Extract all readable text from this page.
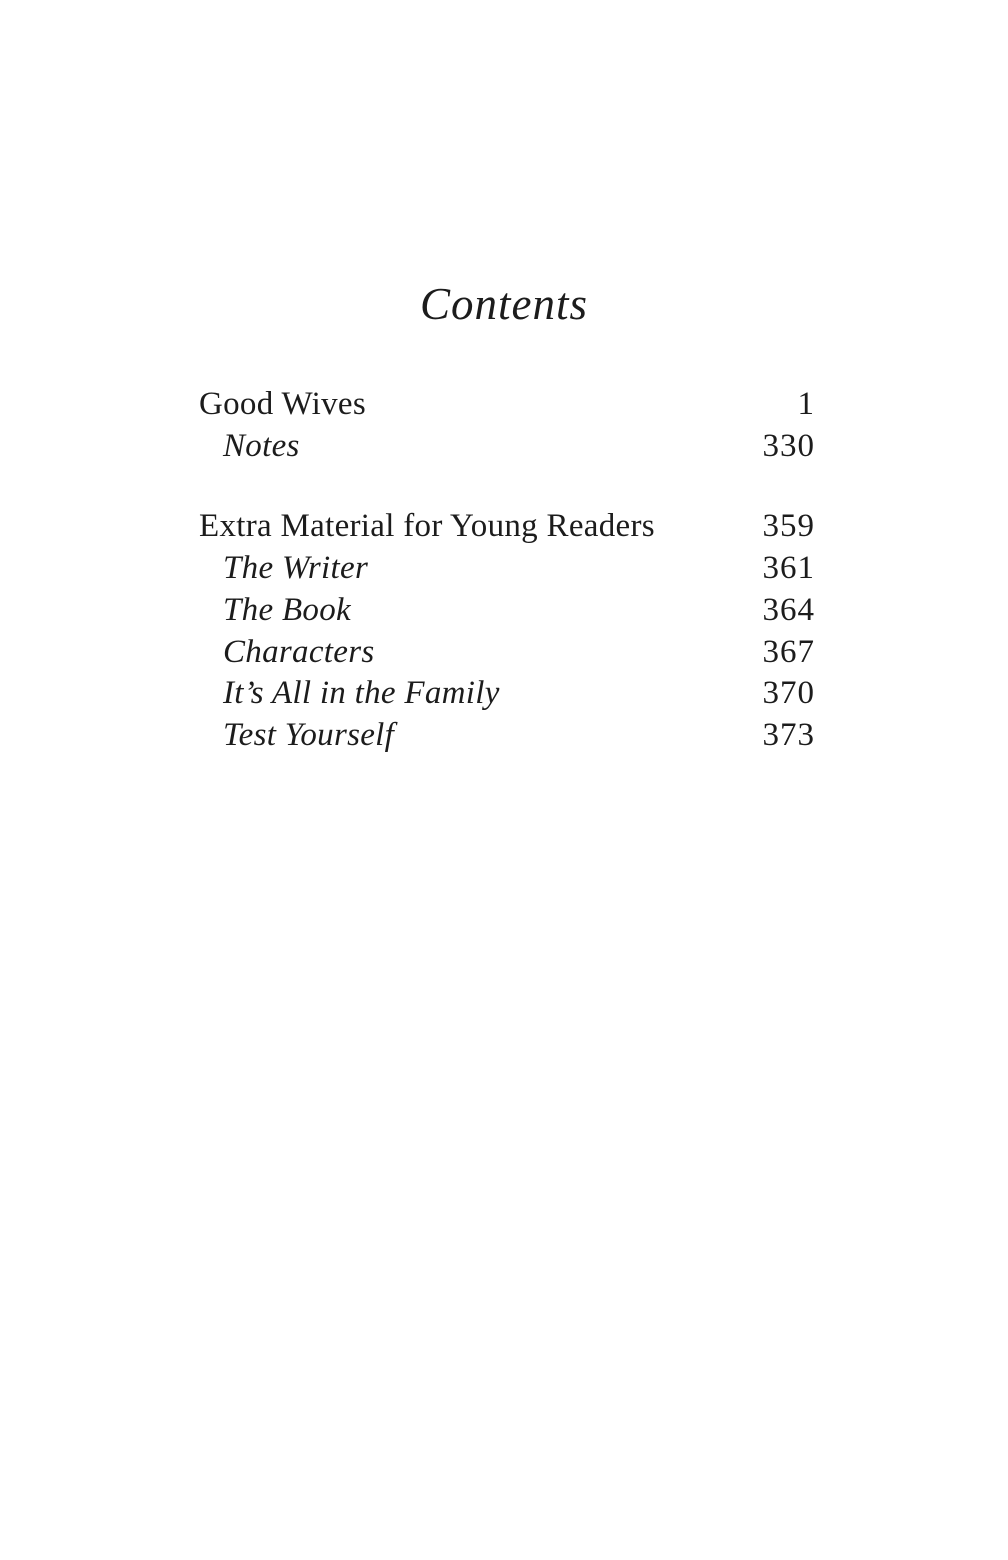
Contents
Good Wives	1
Notes	330
Extra Material for Young Readers	359
The Writer	361
The Book	364
Characters	367
It’s All in the Family	370
Test Yourself	373
